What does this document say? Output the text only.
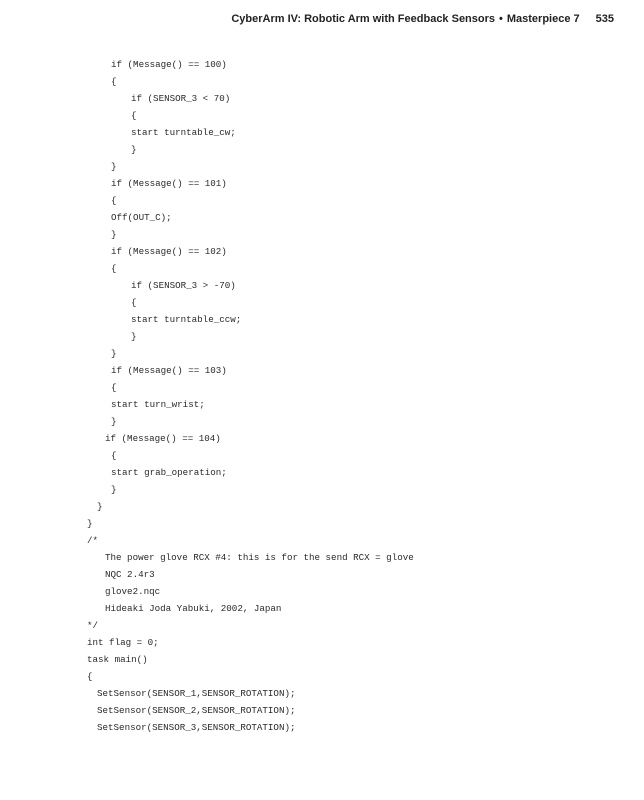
CyberArm IV: Robotic Arm with Feedback Sensors • Masterpiece 7 535
if (Message() == 100)
{
if (SENSOR_3 < 70)
{
start turntable_cw;
}
}
if (Message() == 101)
{
Off(OUT_C);
}
if (Message() == 102)
{
if (SENSOR_3 > -70)
{
start turntable_ccw;
}
}
if (Message() == 103)
{
start turn_wrist;
}
if (Message() == 104)
{
start grab_operation;
}
}
}
/*
The power glove RCX #4: this is for the send RCX = glove
NQC 2.4r3
glove2.nqc
Hideaki Joda Yabuki, 2002, Japan
*/
int flag = 0;
task main()
{
SetSensor(SENSOR_1,SENSOR_ROTATION);
SetSensor(SENSOR_2,SENSOR_ROTATION);
SetSensor(SENSOR_3,SENSOR_ROTATION);
